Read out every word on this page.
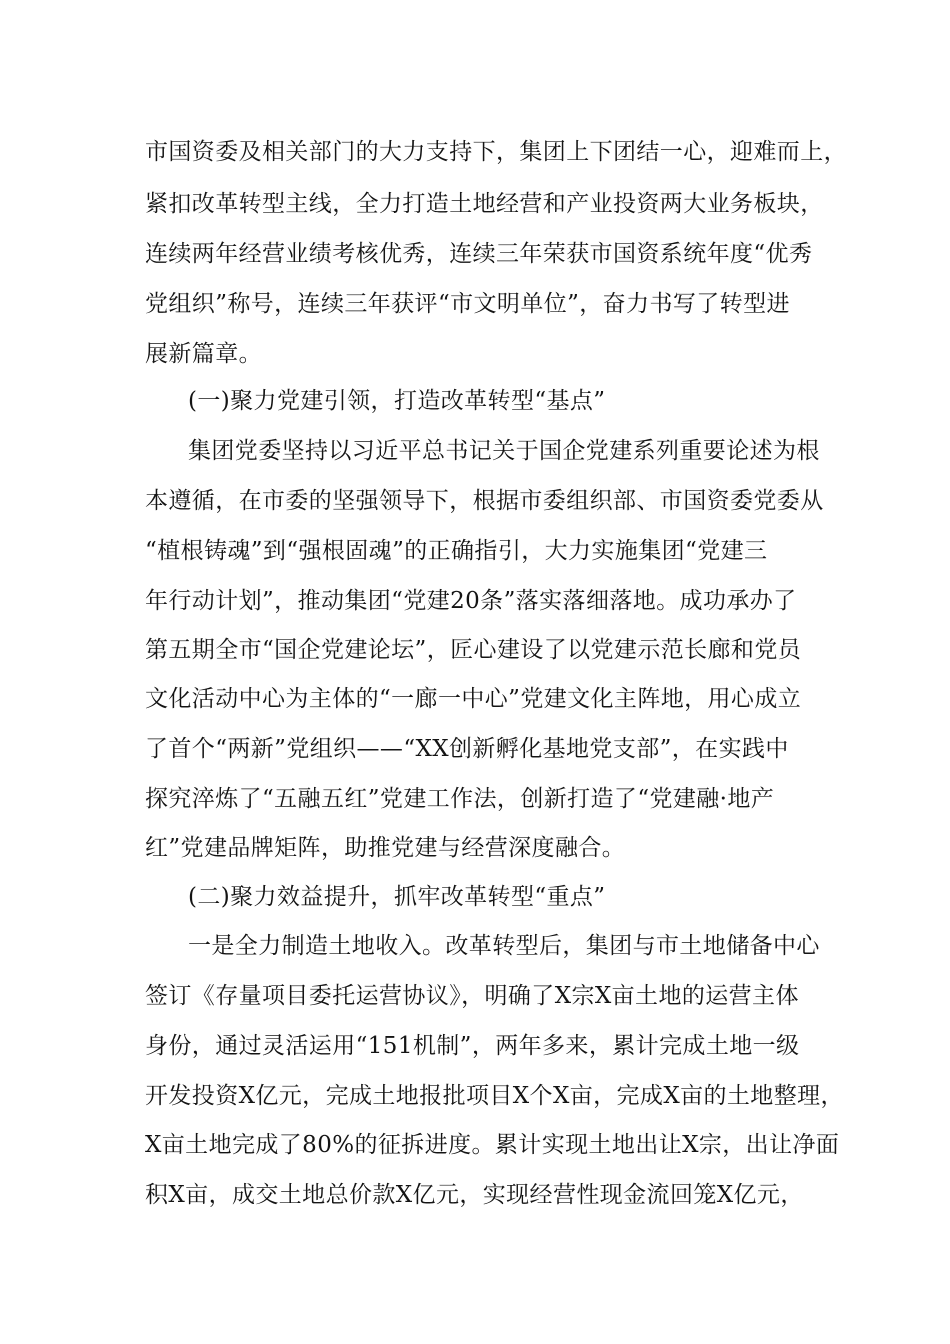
市国资委及相关部门的大力支持下，集团上下团结一心，迎难而上，
紧扣改革转型主线，全力打造土地经营和产业投资两大业务板块，
连续两年经营业绩考核优秀，连续三年荣获市国资系统年度“优秀
党组织”称号，连续三年获评“市文明单位”，奋力书写了转型进
展新篇章。
(一)聚力党建引领，打造改革转型“基点”
集团党委坚持以习近平总书记关于国企党建系列重要论述为根
本遵循，在市委的坚强领导下，根据市委组织部、市国资委党委从
“植根铸魂”到“强根固魂”的正确指引，大力实施集团“党建三
年行动计划”，推动集团“党建20条”落实落细落地。成功承办了
第五期全市“国企党建论坛”，匠心建设了以党建示范长廊和党员
文化活动中心为主体的“一廊一中心”党建文化主阵地，用心成立
了首个“两新”党组织——“XX创新孵化基地党支部”，在实践中
探究淬炼了“五融五红”党建工作法，创新打造了“党建融·地产
红”党建品牌矩阵，助推党建与经营深度融合。
(二)聚力效益提升，抓牢改革转型“重点”
一是全力制造土地收入。改革转型后，集团与市土地储备中心
签订《存量项目委托运营协议》，明确了X宗X亩土地的运营主体
身份，通过灵活运用“151机制”，两年多来，累计完成土地一级
开发投资X亿元，完成土地报批项目X个X亩，完成X亩的土地整理，
X亩土地完成了80%的征拆进度。累计实现土地出让X宗，出让净面
积X亩，成交土地总价款X亿元，实现经营性现金流回笼X亿元，
